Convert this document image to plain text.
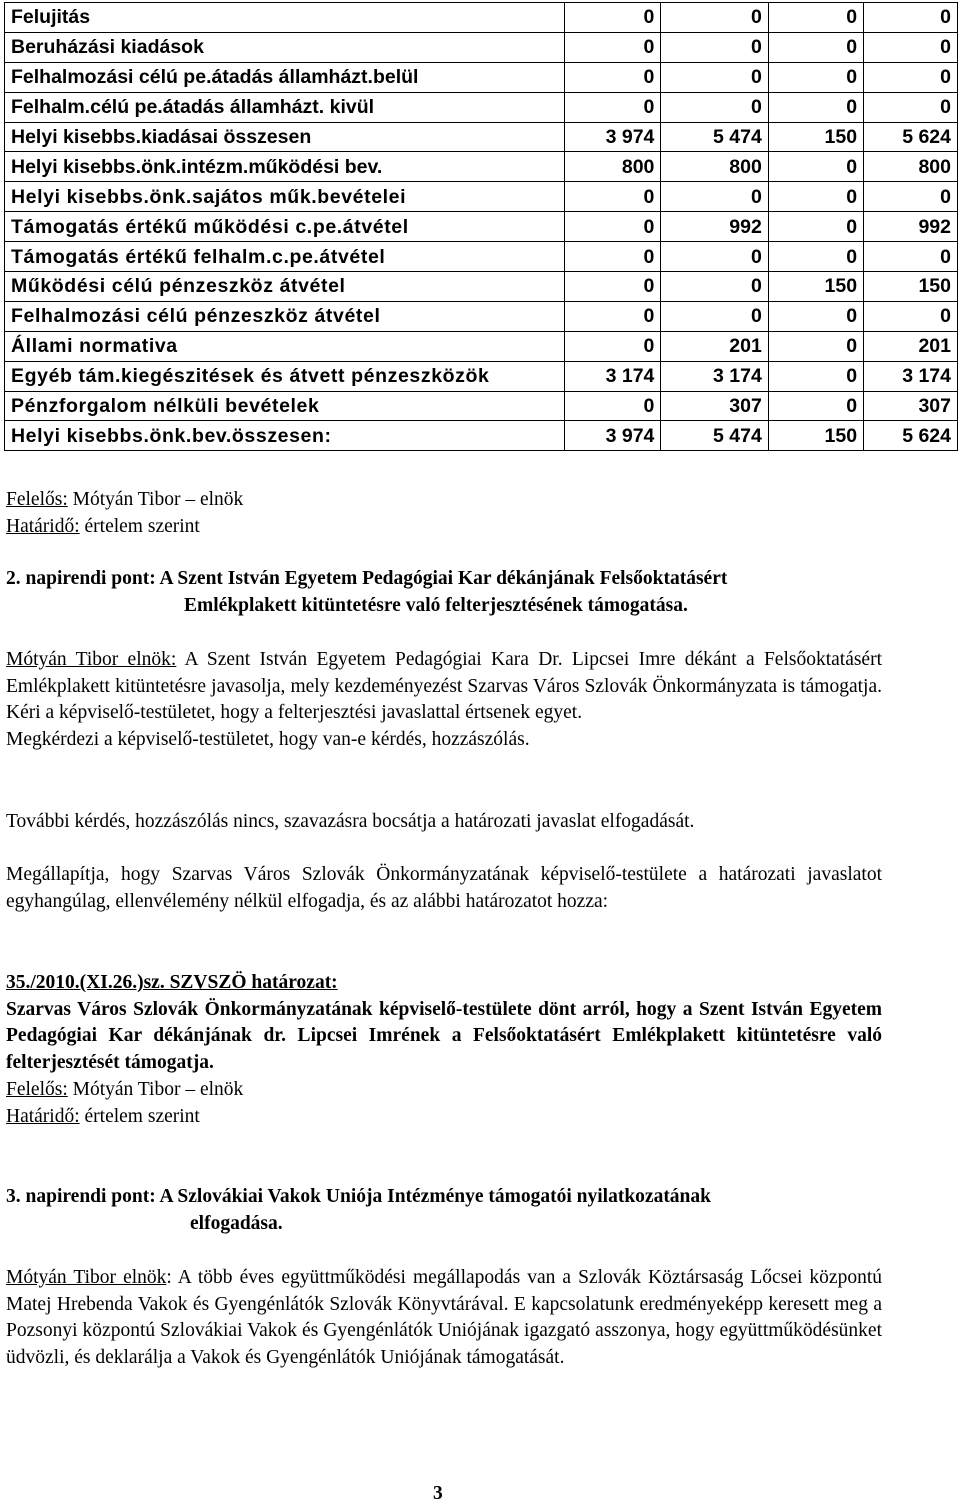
Felujitás	0	0	0	0
Beruházási kiadások	0	0	0	0
Felhalmozási célú pe.átadás államházt.belül	0	0	0	0
Felhalm.célú pe.átadás államházt. kivül	0	0	0	0
Helyi kisebbs.kiadásai összesen	3 974	5 474	150	5 624
Helyi kisebbs.önk.intézm.működési bev.	800	800	0	800
Helyi kisebbs.önk.sajátos műk.bevételei	0	0	0	0
Támogatás értékű működési c.pe.átvétel	0	992	0	992
Támogatás értékű felhalm.c.pe.átvétel	0	0	0	0
Működési célú pénzeszköz átvétel	0	0	150	150
Felhalmozási célú pénzeszköz átvétel	0	0	0	0
Állami normativa	0	201	0	201
Egyéb tám.kiegészitések és átvett pénzeszközök	3 174	3 174	0	3 174
Pénzforgalom nélküli bevételek	0	307	0	307
Helyi kisebbs.önk.bev.összesen:	3 974	5 474	150	5 624

Felelős: Mótyán Tibor – elnök
Határidő: értelem szerint

2. napirendi pont: A Szent István Egyetem Pedagógiai Kar dékánjának Felsőoktatásért
Emlékplakett kitüntetésre való felterjesztésének támogatása.

Mótyán Tibor elnök: A Szent István Egyetem Pedagógiai Kara Dr. Lipcsei Imre dékánt a Felsőoktatásért Emlékplakett kitüntetésre javasolja, mely kezdeményezést Szarvas Város Szlovák Önkormányzata is támogatja. Kéri a képviselő-testületet, hogy a felterjesztési javaslattal értsenek egyet.
Megkérdezi a képviselő-testületet, hogy van-e kérdés, hozzászólás.

További kérdés, hozzászólás nincs, szavazásra bocsátja a határozati javaslat elfogadását.

Megállapítja, hogy Szarvas Város Szlovák Önkormányzatának képviselő-testülete a határozati javaslatot egyhangúlag, ellenvélemény nélkül elfogadja, és az alábbi határozatot hozza:

35./2010.(XI.26.)sz. SZVSZÖ határozat:

Szarvas Város Szlovák Önkormányzatának képviselő-testülete dönt arról, hogy a Szent István Egyetem Pedagógiai Kar dékánjának dr. Lipcsei Imrének a Felsőoktatásért Emlékplakett kitüntetésre való felterjesztését támogatja.
Felelős: Mótyán Tibor – elnök
Határidő: értelem szerint

3. napirendi pont: A Szlovákiai Vakok Uniója Intézménye támogatói nyilatkozatának
elfogadása.

Mótyán Tibor elnök: A több éves együttműködési megállapodás van a Szlovák Köztársaság Lőcsei központú Matej Hrebenda Vakok és Gyengénlátók Szlovák Könyvtárával. E kapcsolatunk eredményeképp keresett meg a Pozsonyi központú Szlovákiai Vakok és Gyengénlátók Uniójának igazgató asszonya, hogy együttműködésünket üdvözli, és deklarálja a Vakok és Gyengénlátók Uniójának támogatását.

3
